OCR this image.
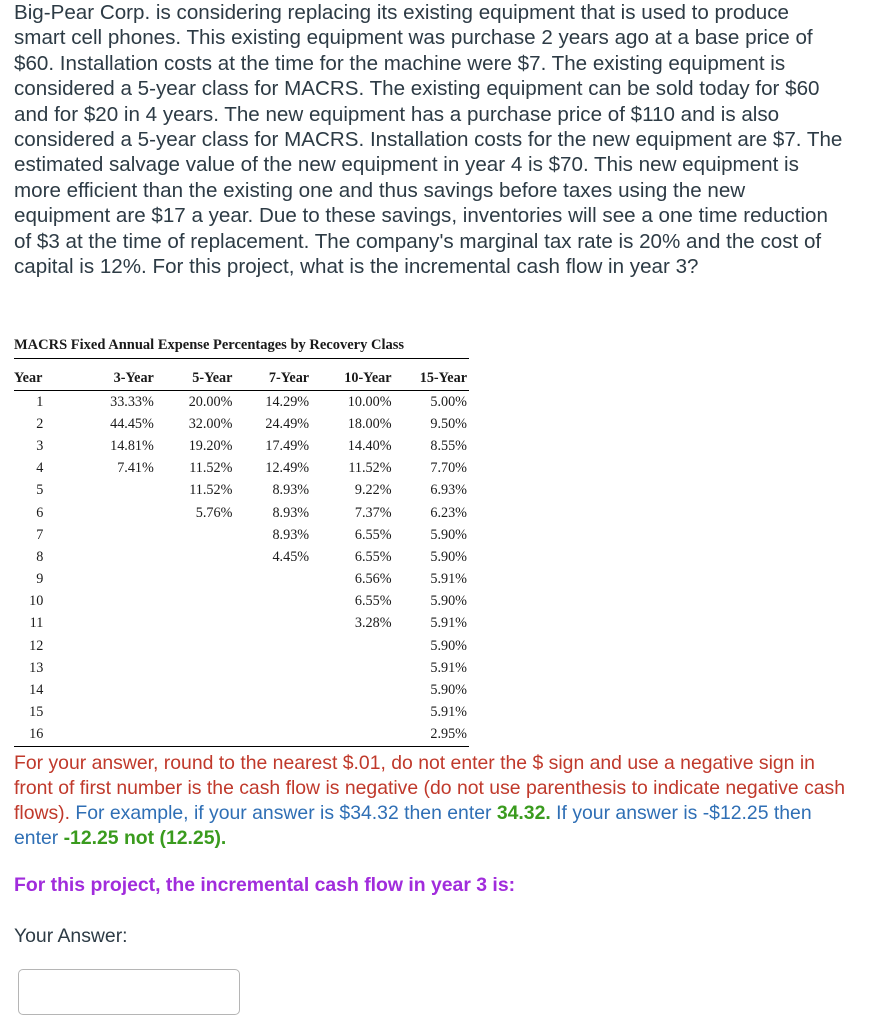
Big-Pear Corp. is considering replacing its existing equipment that is used to produce smart cell phones. This existing equipment was purchase 2 years ago at a base price of $60. Installation costs at the time for the machine were $7. The existing equipment is considered a 5-year class for MACRS. The existing equipment can be sold today for $60 and for $20 in 4 years. The new equipment has a purchase price of $110 and is also considered a 5-year class for MACRS. Installation costs for the new equipment are $7. The estimated salvage value of the new equipment in year 4 is $70. This new equipment is more efficient than the existing one and thus savings before taxes using the new equipment are $17 a year. Due to these savings, inventories will see a one time reduction of $3 at the time of replacement. The company's marginal tax rate is 20% and the cost of capital is 12%. For this project, what is the incremental cash flow in year 3?

MACRS Fixed Annual Expense Percentages by Recovery Class
Year	3-Year	5-Year	7-Year	10-Year	15-Year
1	33.33%	20.00%	14.29%	10.00%	5.00%
2	44.45%	32.00%	24.49%	18.00%	9.50%
3	14.81%	19.20%	17.49%	14.40%	8.55%
4	7.41%	11.52%	12.49%	11.52%	7.70%
5		11.52%	8.93%	9.22%	6.93%
6		5.76%	8.93%	7.37%	6.23%
7			8.93%	6.55%	5.90%
8			4.45%	6.55%	5.90%
9				6.56%	5.91%
10				6.55%	5.90%
11				3.28%	5.91%
12					5.90%
13					5.91%
14					5.90%
15					5.91%
16					2.95%

For your answer, round to the nearest $.01, do not enter the $ sign and use a negative sign in front of first number is the cash flow is negative (do not use parenthesis to indicate negative cash flows). For example, if your answer is $34.32 then enter 34.32. If your answer is -$12.25 then enter -12.25 not (12.25).

For this project, the incremental cash flow in year 3 is:

Your Answer:
